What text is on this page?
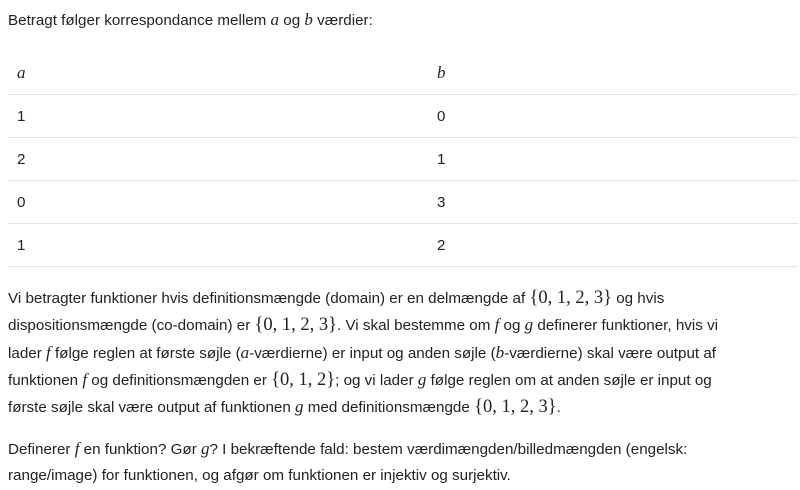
Betragt følger korrespondance mellem a og b værdier:
a	b
1	0
2	1
0	3
1	2
Vi betragter funktioner hvis definitionsmængde (domain) er en delmængde af {0, 1, 2, 3} og hvis
dispositionsmængde (co-domain) er {0, 1, 2, 3}. Vi skal bestemme om f og g definerer funktioner, hvis vi
lader f følge reglen at første søjle (a-værdierne) er input og anden søjle (b-værdierne) skal være output af
funktionen f og definitionsmængden er {0, 1, 2}; og vi lader g følge reglen om at anden søjle er input og
første søjle skal være output af funktionen g med definitionsmængde {0, 1, 2, 3}.
Definerer f en funktion? Gør g? I bekræftende fald: bestem værdimængden/billedmængden (engelsk:
range/image) for funktionen, og afgør om funktionen er injektiv og surjektiv.
